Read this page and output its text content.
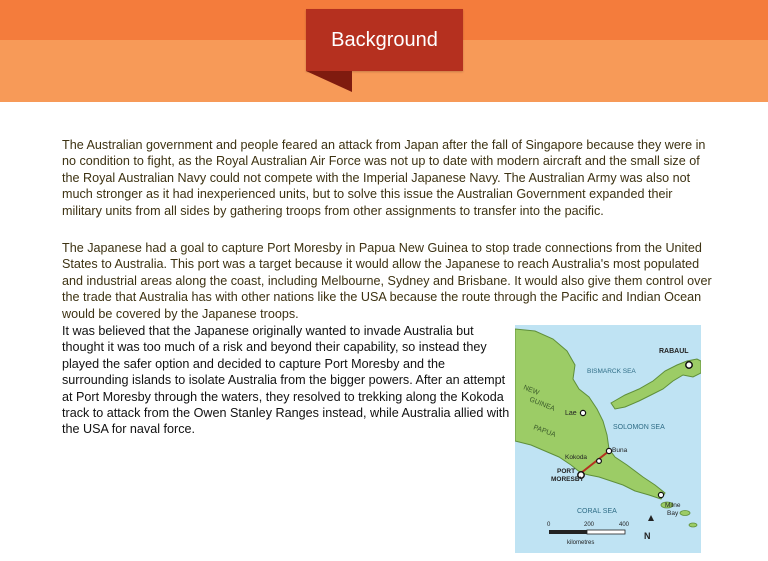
Background
The Australian government and people feared an attack from Japan after the fall of Singapore because they were in no condition to fight, as the Royal Australian Air Force was not up to date with modern aircraft and the small size of the Royal Australian Navy could not compete with the Imperial Japanese Navy. The Australian Army was also not much stronger as it had inexperienced units, but to solve this issue the Australian Government expanded their military units from all sides by gathering troops from other assignments to transfer into the pacific.
The Japanese had a goal to capture Port Moresby in Papua New Guinea to stop trade connections from the United States to Australia. This port was a target because it would allow the Japanese to reach Australia's most populated and industrial areas along the coast, including Melbourne, Sydney and Brisbane. It would also give them control over the trade that Australia has with other nations like the USA because the route through the Pacific and Indian Ocean would be covered by the Japanese troops.
It was believed that the Japanese originally wanted to invade Australia but thought it was too much of a risk and beyond their capability, so instead they played the safer option and decided to capture Port Moresby and the surrounding islands to isolate Australia from the bigger powers. After an attempt at Port Moresby through the waters, they resolved to trekking along the Kokoda track to attack from the Owen Stanley Ranges instead, while Australia allied with the USA for naval force.
RABAUL
BISMARCK SEA
NEW
GUINEA
Lae
SOLOMON SEA
PAPUA
Buna
Kokoda
PORT
MORESBY
CORAL SEA
Milne
Bay
N
0	200	400
kilometres
